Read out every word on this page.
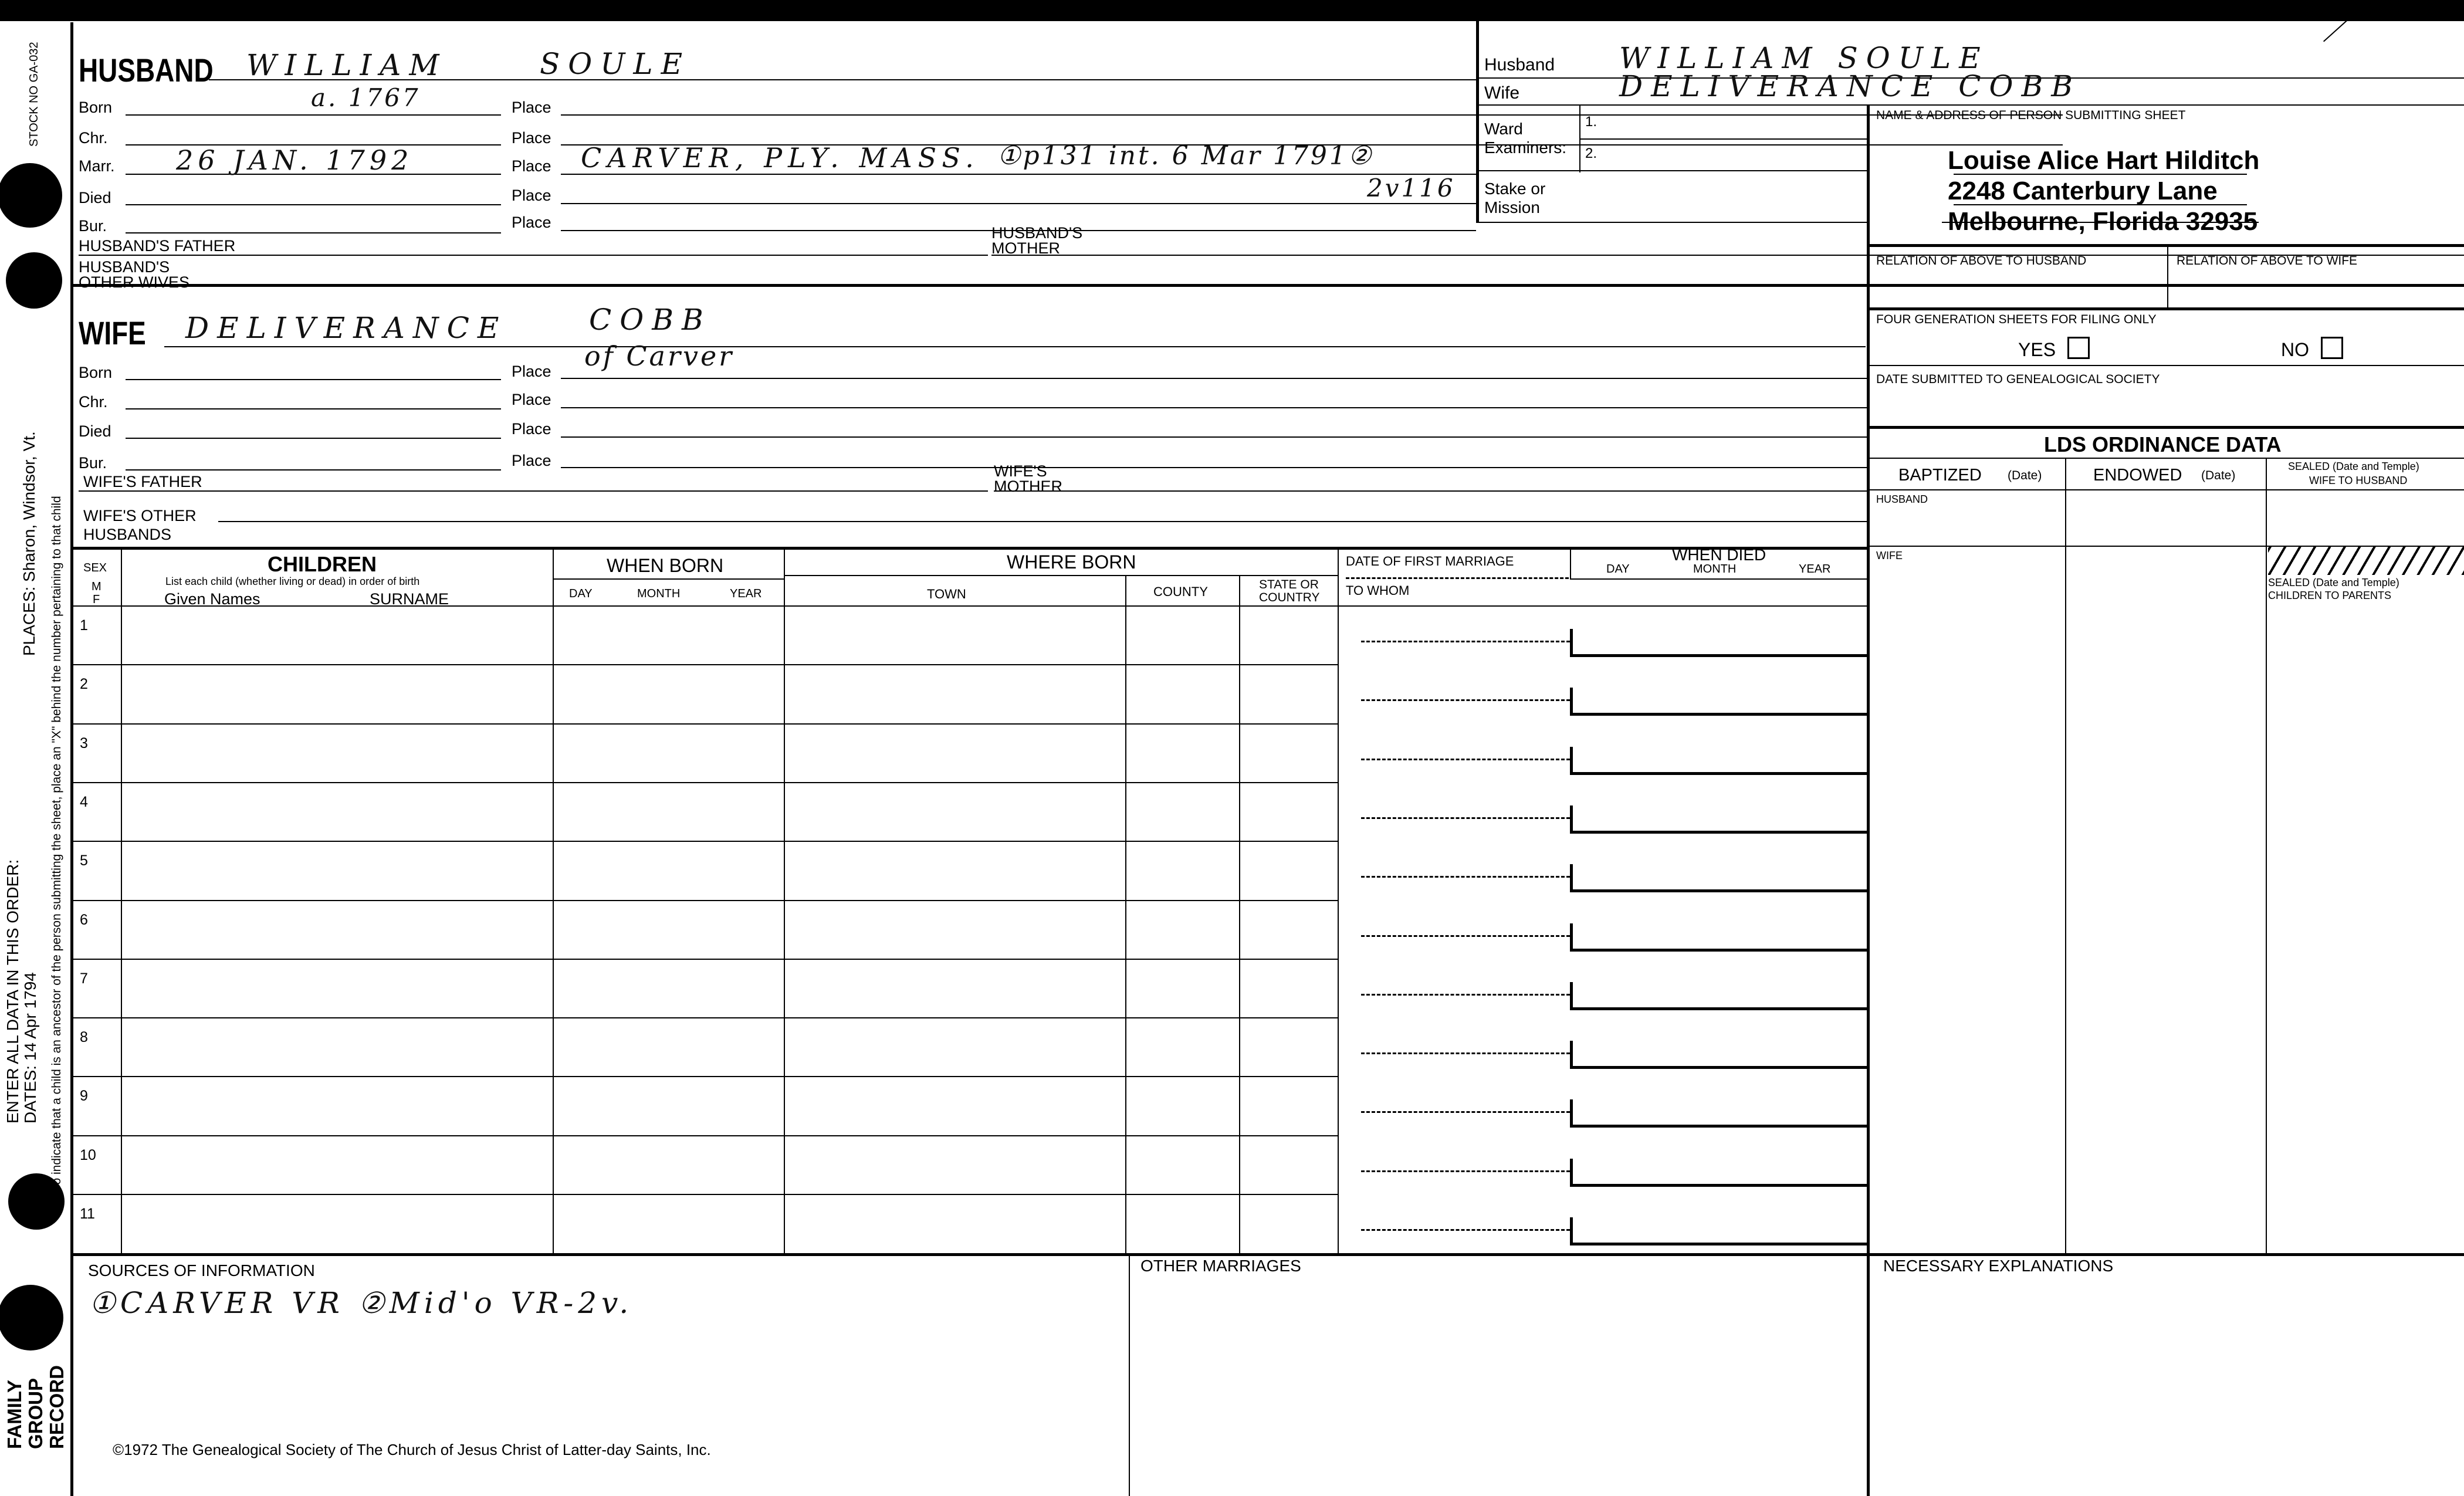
STOCK NO GA-032
PLACES: Sharon, Windsor, Vt.
ENTER ALL DATA IN THIS ORDER: DATES: 14 Apr 1794 To indicate that a child is an ancestor of the person submitting the sheet, place an "X" behind the number pertaining to that child
FAMILY GROUP RECORD
HUSBAND WILLIAM	SOULE
Born	a. 1767	Place
Chr.	Place
Marr. 26 JAN. 1792	Place CARVER, PLY. MASS. ①p131 int. 6 Mar 1791②
2v116
Died	Place
Bur.	Place
HUSBAND'S FATHER
HUSBAND'S
MOTHER
HUSBAND'S
OTHER WIVES
Husband WILLIAM SOULE
Wife	DELIVERANCE COBB
Ward
Examiners:
1.
2.
Stake or
Mission
NAME & ADDRESS OF PERSON SUBMITTING SHEET
Louise Alice Hart Hilditch
2248 Canterbury Lane
Melbourne, Florida 32935
RELATION OF ABOVE TO HUSBAND	RELATION OF ABOVE TO WIFE
FOUR GENERATION SHEETS FOR FILING ONLY
YES	NO
DATE SUBMITTED TO GENEALOGICAL SOCIETY
LDS ORDINANCE DATA
BAPTIZED (Date)	ENDOWED (Date)
SEALED (Date and Temple)
WIFE TO HUSBAND
HUSBAND
WIFE
SEALED (Date and Temple)
CHILDREN TO PARENTS
WIFE DELIVERANCE	COBB
Born	Place of Carver
Chr.	Place
Died	Place
Bur.	Place
WIFE'S FATHER
WIFE'S
MOTHER
WIFE'S OTHER
HUSBANDS
SEX
M
F
CHILDREN
List each child (whether living or dead) in order of birth
Given Names	SURNAME
WHEN BORN
DAY	MONTH	YEAR
WHERE BORN
TOWN	COUNTY	STATE OR
COUNTRY
DATE OF FIRST MARRIAGE
TO WHOM
WHEN DIED
DAY	MONTH	YEAR
1
2
3
4
5
6
7
8
9
10
11
SOURCES OF INFORMATION
①CARVER VR ②Mid'o VR-2v.
OTHER MARRIAGES	NECESSARY EXPLANATIONS
©1972 The Genealogical Society of The Church of Jesus Christ of Latter-day Saints, Inc.
